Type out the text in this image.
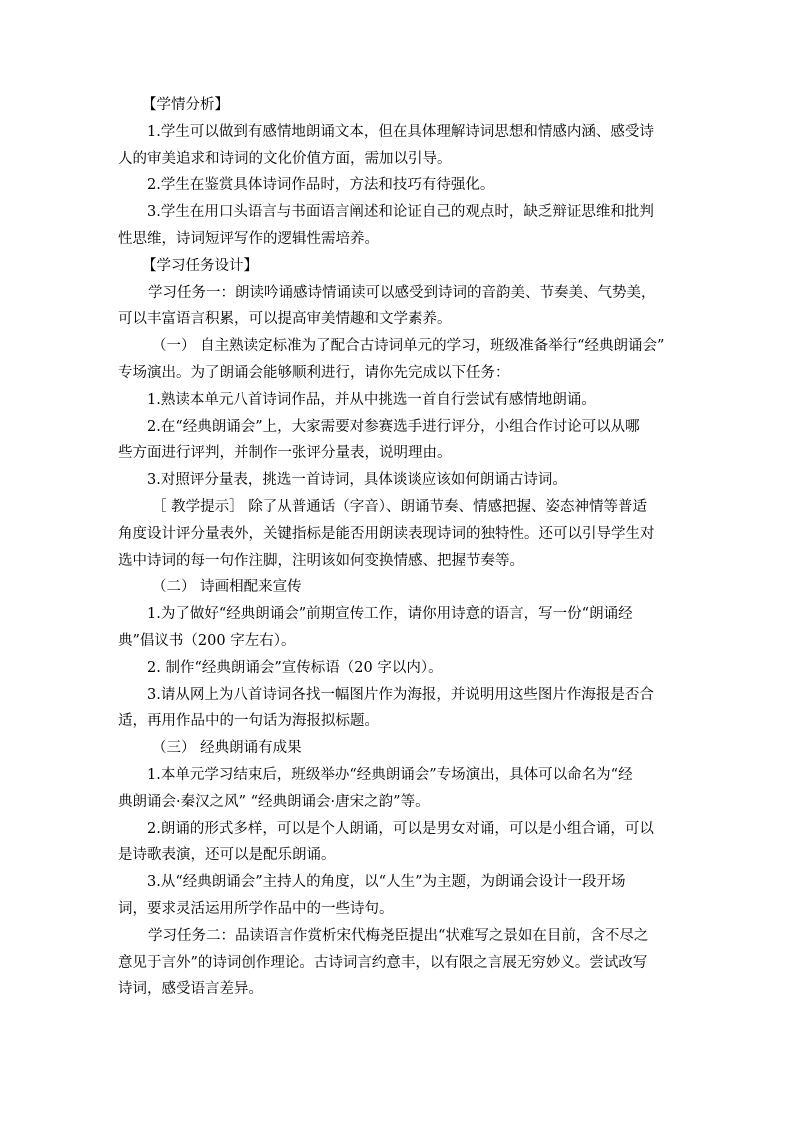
【学情分析】
1.学生可以做到有感情地朗诵文本，但在具体理解诗词思想和情感内涵、感受诗
人的审美追求和诗词的文化价值方面，需加以引导。
2.学生在鉴赏具体诗词作品时，方法和技巧有待强化。
3.学生在用口头语言与书面语言阐述和论证自己的观点时，缺乏辩证思维和批判
性思维，诗词短评写作的逻辑性需培养。
【学习任务设计】
学习任务一：朗读吟诵感诗情诵读可以感受到诗词的音韵美、节奏美、气势美，
可以丰富语言积累，可以提高审美情趣和文学素养。
（一） 自主熟读定标准为了配合古诗词单元的学习，班级准备举行“经典朗诵会”
专场演出。为了朗诵会能够顺利进行，请你先完成以下任务：
1.熟读本单元八首诗词作品，并从中挑选一首自行尝试有感情地朗诵。
2.在“经典朗诵会”上，大家需要对参赛选手进行评分，小组合作讨论可以从哪
些方面进行评判，并制作一张评分量表，说明理由。
3.对照评分量表，挑选一首诗词，具体谈谈应该如何朗诵古诗词。
［ 教学提示］ 除了从普通话（字音）、朗诵节奏、情感把握、姿态神情等普适
角度设计评分量表外，关键指标是能否用朗读表现诗词的独特性。还可以引导学生对
选中诗词的每一句作注脚，注明该如何变换情感、把握节奏等。
（二） 诗画相配来宣传
1.为了做好“经典朗诵会”前期宣传工作，请你用诗意的语言，写一份“朗诵经
典”倡议书（200 字左右）。
2. 制作“经典朗诵会”宣传标语（20 字以内）。
3.请从网上为八首诗词各找一幅图片作为海报，并说明用这些图片作海报是否合
适，再用作品中的一句话为海报拟标题。
（三） 经典朗诵有成果
1.本单元学习结束后，班级举办“经典朗诵会”专场演出，具体可以命名为“经
典朗诵会·秦汉之风” “经典朗诵会·唐宋之韵”等。
2.朗诵的形式多样，可以是个人朗诵，可以是男女对诵，可以是小组合诵，可以
是诗歌表演，还可以是配乐朗诵。
3.从“经典朗诵会”主持人的角度，以“人生”为主题，为朗诵会设计一段开场
词，要求灵活运用所学作品中的一些诗句。
学习任务二：品读语言作赏析宋代梅尧臣提出“状难写之景如在目前，含不尽之
意见于言外”的诗词创作理论。古诗词言约意丰，以有限之言展无穷妙义。尝试改写
诗词，感受语言差异。
